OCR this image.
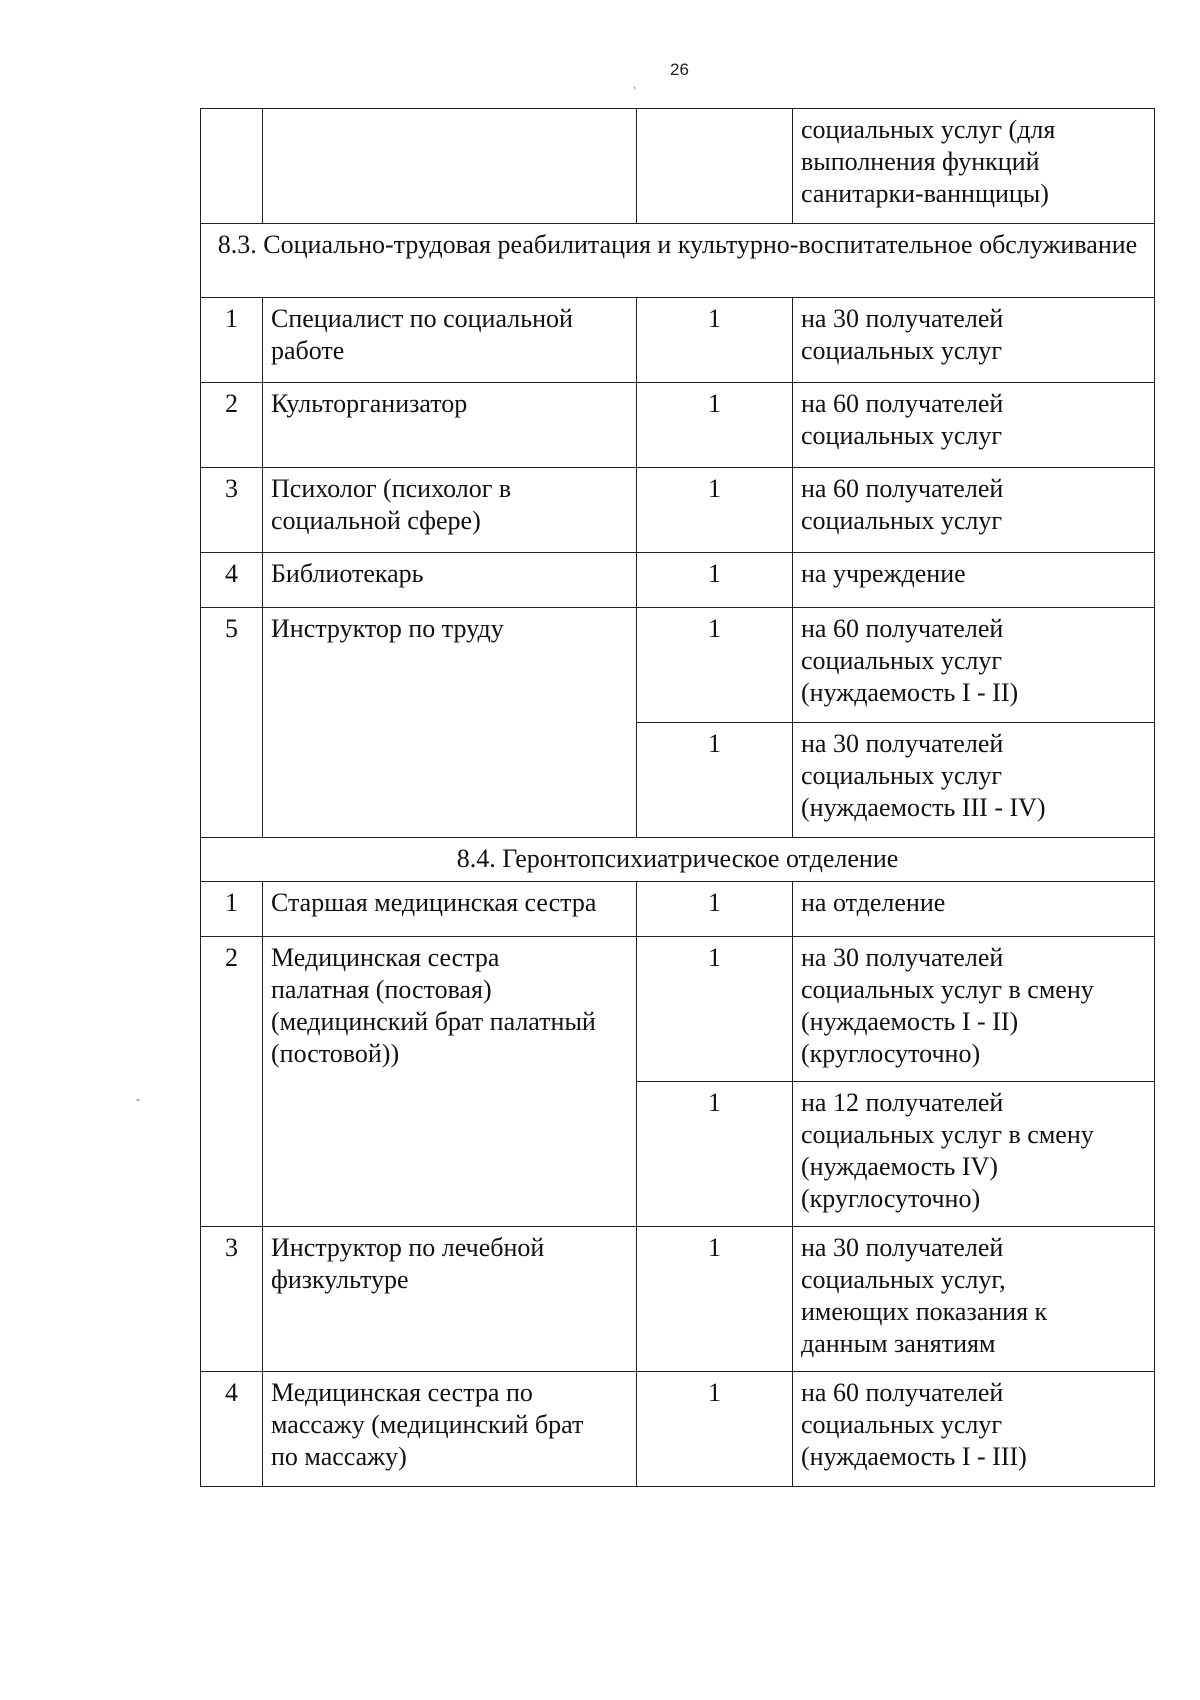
26
`
-
			социальных услуг (для
выполнения функций
санитарки-ваннщицы)
8.3. Социально-трудовая реабилитация и культурно-воспитательное обслуживание			
1	Специалист по социальной
работе	1	на 30 получателей
социальных услуг
2	Культорганизатор	1	на 60 получателей
социальных услуг
3	Психолог (психолог в
социальной сфере)	1	на 60 получателей
социальных услуг
4	Библиотекарь	1	на учреждение
5	Инструктор по труду	1	на 60 получателей
социальных услуг
(нуждаемость I - II)
		1	на 30 получателей
социальных услуг
(нуждаемость III - IV)
8.4. Геронтопсихиатрическое отделение			
1	Старшая медицинская сестра	1	на отделение
2	Медицинская сестра
палатная (постовая)
(медицинский брат палатный
(постовой))	1	на 30 получателей
социальных услуг в смену
(нуждаемость I - II)
(круглосуточно)
		1	на 12 получателей
социальных услуг в смену
(нуждаемость IV)
(круглосуточно)
3	Инструктор по лечебной
физкультуре	1	на 30 получателей
социальных услуг,
имеющих показания к
данным занятиям
4	Медицинская сестра по
массажу (медицинский брат
по массажу)	1	на 60 получателей
социальных услуг
(нуждаемость I - III)
